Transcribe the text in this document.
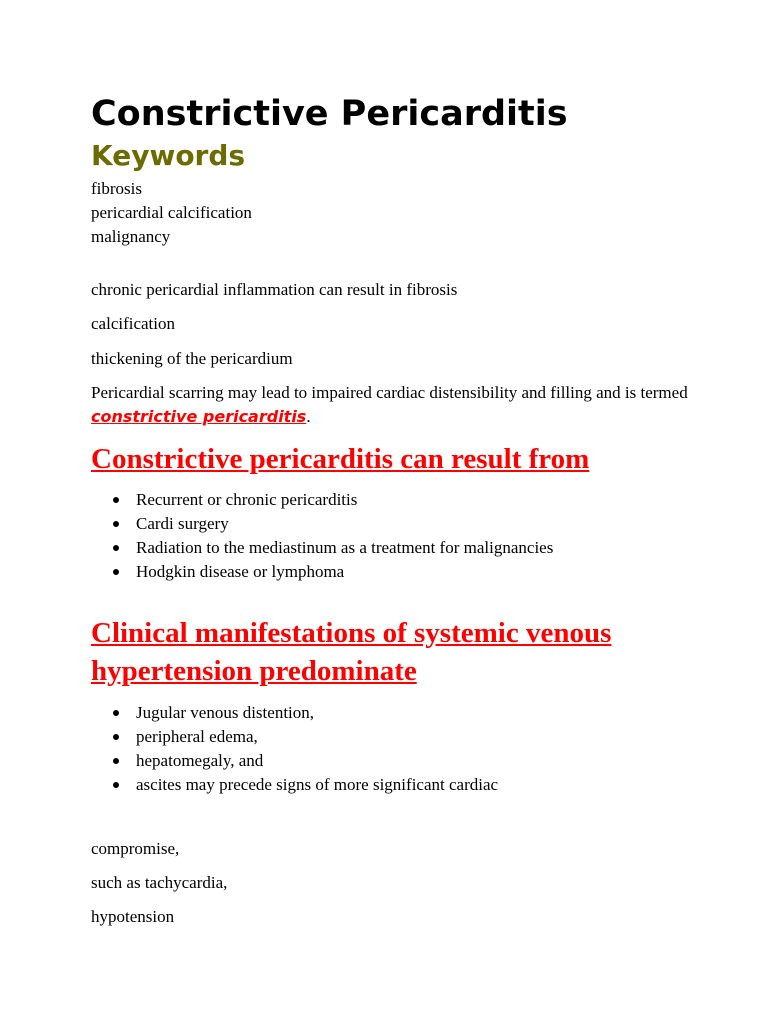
Constrictive Pericarditis
Keywords
fibrosis
pericardial calcification
malignancy

chronic pericardial inflammation can result in fibrosis

calcification

thickening of the pericardium

Pericardial scarring may lead to impaired cardiac distensibility and filling and is termed constrictive pericarditis.

Constrictive pericarditis can result from
Recurrent or chronic pericarditis
Cardi surgery
Radiation to the mediastinum as a treatment for malignancies
Hodgkin disease or lymphoma
Clinical manifestations of systemic venous hypertension predominate
Jugular venous distention,
peripheral edema,
hepatomegaly, and
ascites may precede signs of more significant cardiac

compromise,

such as tachycardia,

hypotension
